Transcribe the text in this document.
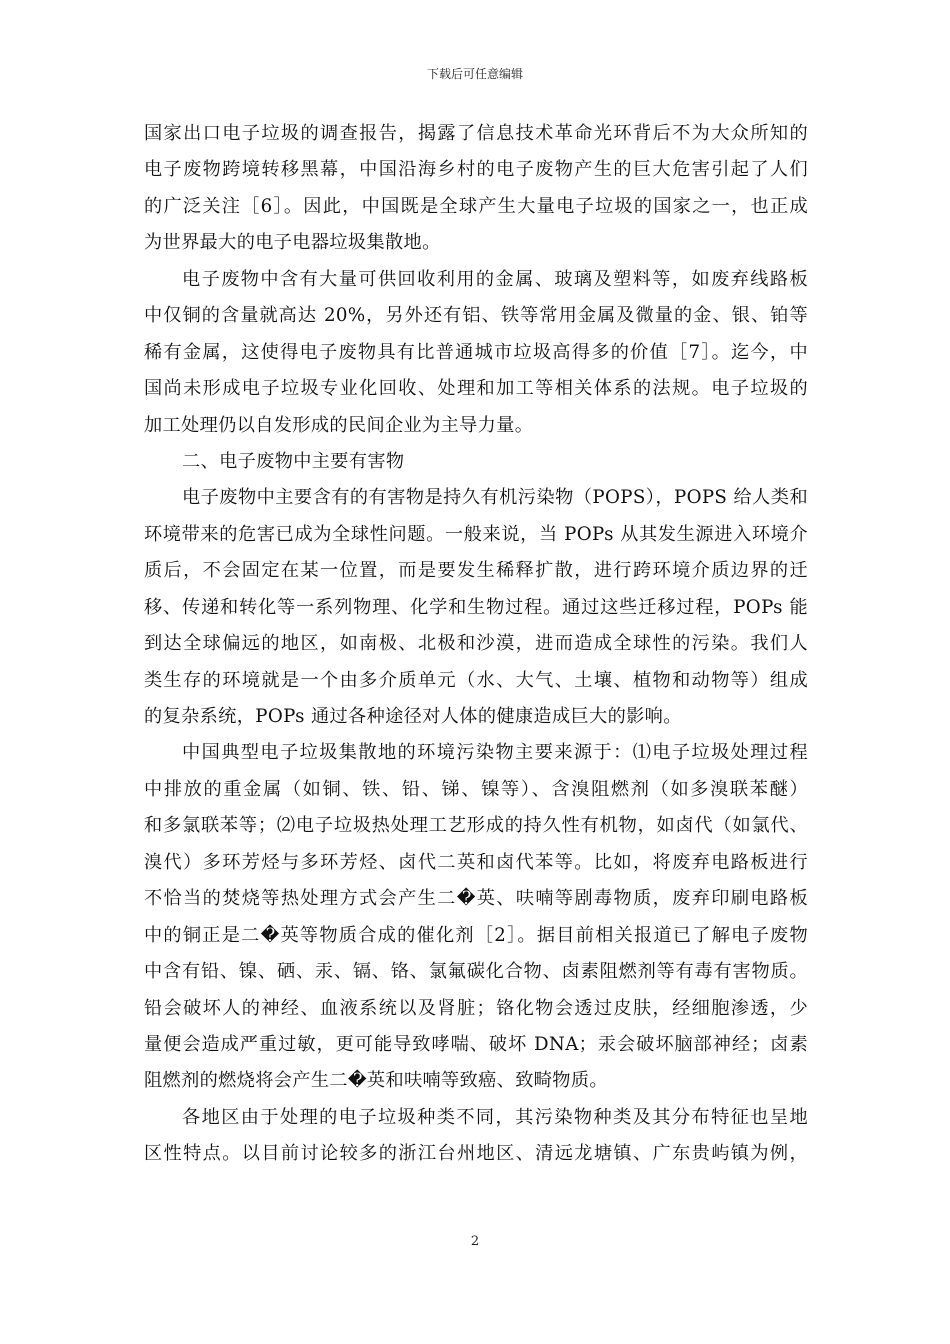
下载后可任意编辑
国家出口电子垃圾的调查报告，揭露了信息技术革命光环背后不为大众所知的
电子废物跨境转移黑幕，中国沿海乡村的电子废物产生的巨大危害引起了人们
的广泛关注［6］。因此，中国既是全球产生大量电子垃圾的国家之一，也正成
为世界最大的电子电器垃圾集散地。
电子废物中含有大量可供回收利用的金属、玻璃及塑料等，如废弃线路板
中仅铜的含量就高达 20%，另外还有铝、铁等常用金属及微量的金、银、铂等
稀有金属，这使得电子废物具有比普通城市垃圾高得多的价值［7］。迄今，中
国尚未形成电子垃圾专业化回收、处理和加工等相关体系的法规。电子垃圾的
加工处理仍以自发形成的民间企业为主导力量。
二、电子废物中主要有害物
电子废物中主要含有的有害物是持久有机污染物（POPS），POPS 给人类和
环境带来的危害已成为全球性问题。一般来说，当 POPs 从其发生源进入环境介
质后，不会固定在某一位置，而是要发生稀释扩散，进行跨环境介质边界的迁
移、传递和转化等一系列物理、化学和生物过程。通过这些迁移过程，POPs 能
到达全球偏远的地区，如南极、北极和沙漠，进而造成全球性的污染。我们人
类生存的环境就是一个由多介质单元（水、大气、土壤、植物和动物等）组成
的复杂系统，POPs 通过各种途径对人体的健康造成巨大的影响。
中国典型电子垃圾集散地的环境污染物主要来源于：⑴电子垃圾处理过程
中排放的重金属（如铜、铁、铅、锑、镍等）、含溴阻燃剂（如多溴联苯醚）
和多氯联苯等；⑵电子垃圾热处理工艺形成的持久性有机物，如卤代（如氯代、
溴代）多环芳烃与多环芳烃、卤代二英和卤代苯等。比如，将废弃电路板进行
不恰当的焚烧等热处理方式会产生二�英、呋喃等剧毒物质，废弃印刷电路板
中的铜正是二�英等物质合成的催化剂［2］。据目前相关报道已了解电子废物
中含有铅、镍、硒、汞、镉、铬、氯氟碳化合物、卤素阻燃剂等有毒有害物质。
铅会破坏人的神经、血液系统以及肾脏；铬化物会透过皮肤，经细胞渗透，少
量便会造成严重过敏，更可能导致哮喘、破坏 DNA；汞会破坏脑部神经；卤素
阻燃剂的燃烧将会产生二�英和呋喃等致癌、致畸物质。
各地区由于处理的电子垃圾种类不同，其污染物种类及其分布特征也呈地
区性特点。以目前讨论较多的浙江台州地区、清远龙塘镇、广东贵屿镇为例，
2
